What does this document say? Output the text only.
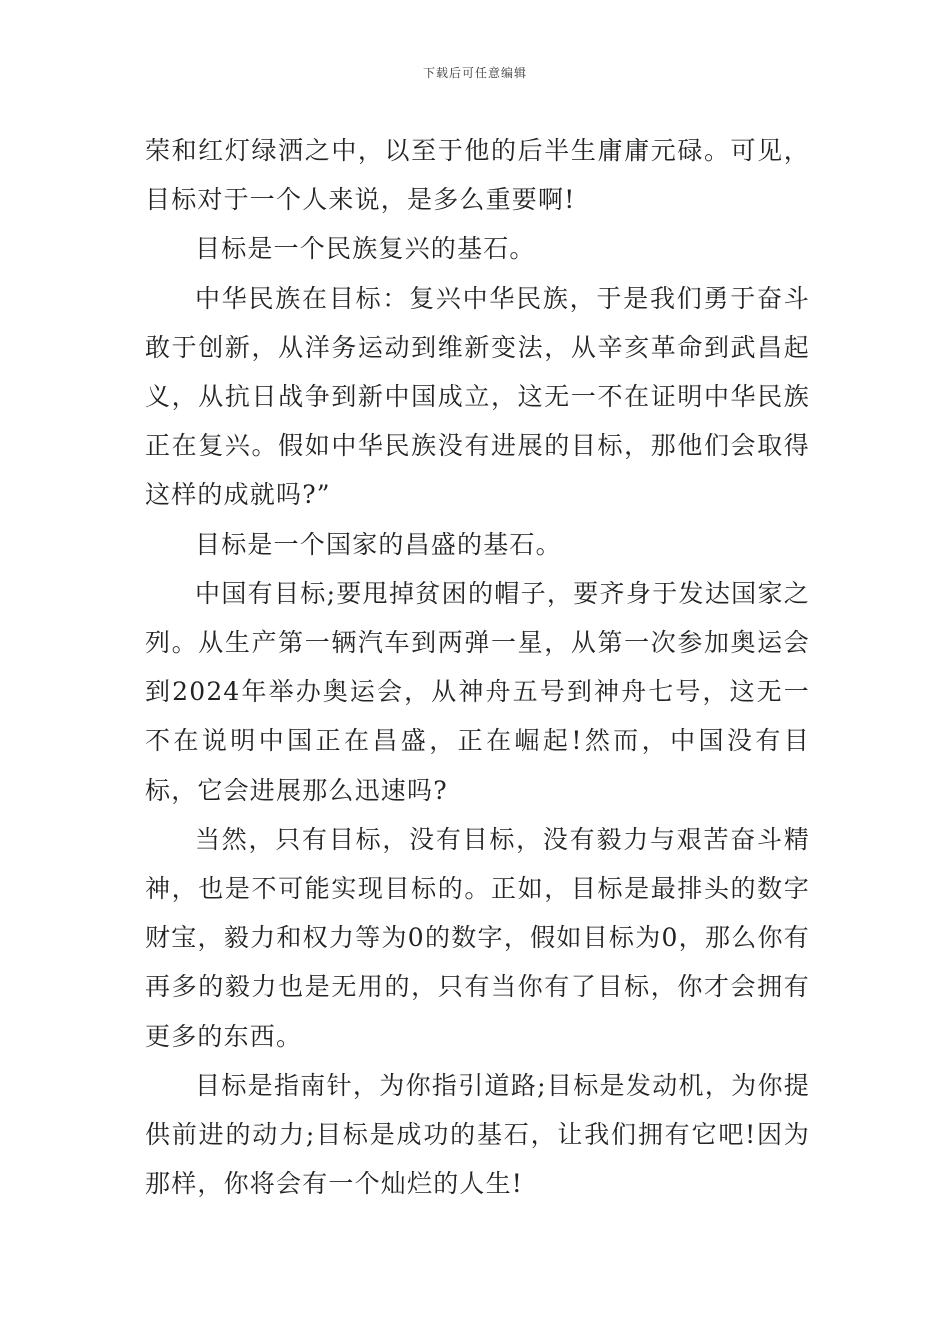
下载后可任意编辑

荣和红灯绿洒之中，以至于他的后半生庸庸元碌。可见，目标对于一个人来说，是多么重要啊!

目标是一个民族复兴的基石。

中华民族在目标：复兴中华民族，于是我们勇于奋斗敢于创新，从洋务运动到维新变法，从辛亥革命到武昌起义，从抗日战争到新中国成立，这无一不在证明中华民族正在复兴。假如中华民族没有进展的目标，那他们会取得这样的成就吗?”

目标是一个国家的昌盛的基石。

中国有目标;要甩掉贫困的帽子，要齐身于发达国家之列。从生产第一辆汽车到两弹一星，从第一次参加奥运会到2024年举办奥运会，从神舟五号到神舟七号，这无一不在说明中国正在昌盛，正在崛起!然而，中国没有目标，它会进展那么迅速吗?

当然，只有目标，没有目标，没有毅力与艰苦奋斗精神，也是不可能实现目标的。正如，目标是最排头的数字财宝，毅力和权力等为0的数字，假如目标为0，那么你有再多的毅力也是无用的，只有当你有了目标，你才会拥有更多的东西。

目标是指南针，为你指引道路;目标是发动机，为你提供前进的动力;目标是成功的基石，让我们拥有它吧!因为那样，你将会有一个灿烂的人生!
